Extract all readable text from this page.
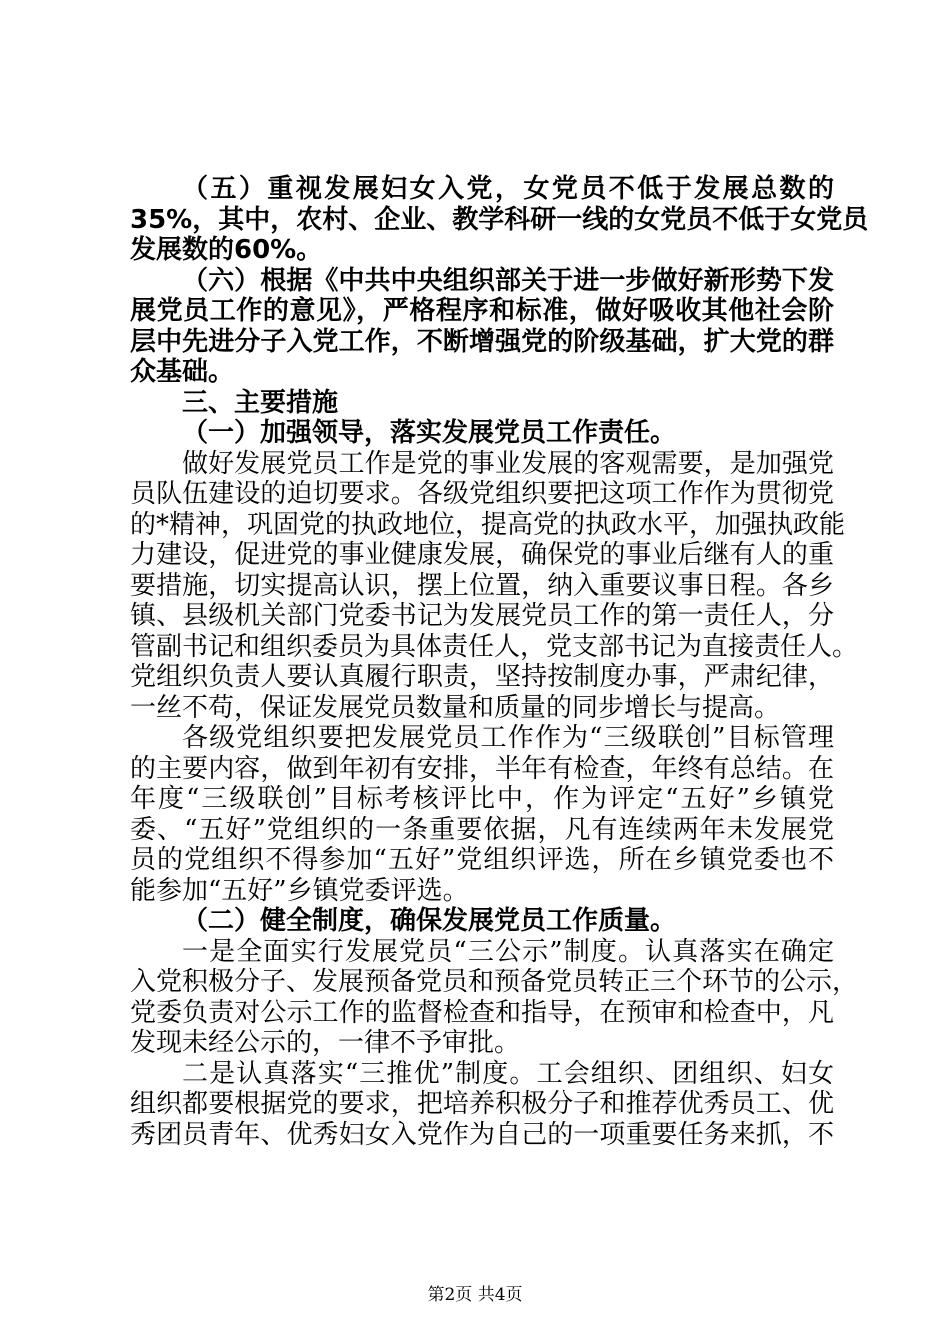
（五）重视发展妇女入党，女党员不低于发展总数的
35%，其中，农村、企业、教学科研一线的女党员不低于女党员
发展数的60%。
（六）根据《中共中央组织部关于进一步做好新形势下发
展党员工作的意见》，严格程序和标准，做好吸收其他社会阶
层中先进分子入党工作，不断增强党的阶级基础，扩大党的群
众基础。
三、主要措施
（一）加强领导，落实发展党员工作责任。
做好发展党员工作是党的事业发展的客观需要，是加强党
员队伍建设的迫切要求。各级党组织要把这项工作作为贯彻党
的*精神，巩固党的执政地位，提高党的执政水平，加强执政能
力建设，促进党的事业健康发展，确保党的事业后继有人的重
要措施，切实提高认识，摆上位置，纳入重要议事日程。各乡
镇、县级机关部门党委书记为发展党员工作的第一责任人，分
管副书记和组织委员为具体责任人，党支部书记为直接责任人。
党组织负责人要认真履行职责，坚持按制度办事，严肃纪律，
一丝不苟，保证发展党员数量和质量的同步增长与提高。
各级党组织要把发展党员工作作为“三级联创”目标管理
的主要内容，做到年初有安排，半年有检查，年终有总结。在
年度“三级联创”目标考核评比中，作为评定“五好”乡镇党
委、“五好”党组织的一条重要依据，凡有连续两年未发展党
员的党组织不得参加“五好”党组织评选，所在乡镇党委也不
能参加“五好”乡镇党委评选。
（二）健全制度，确保发展党员工作质量。
一是全面实行发展党员“三公示”制度。认真落实在确定
入党积极分子、发展预备党员和预备党员转正三个环节的公示，
党委负责对公示工作的监督检查和指导，在预审和检查中，凡
发现未经公示的，一律不予审批。
二是认真落实“三推优”制度。工会组织、团组织、妇女
组织都要根据党的要求，把培养积极分子和推荐优秀员工、优
秀团员青年、优秀妇女入党作为自己的一项重要任务来抓，不
第2页 共4页
